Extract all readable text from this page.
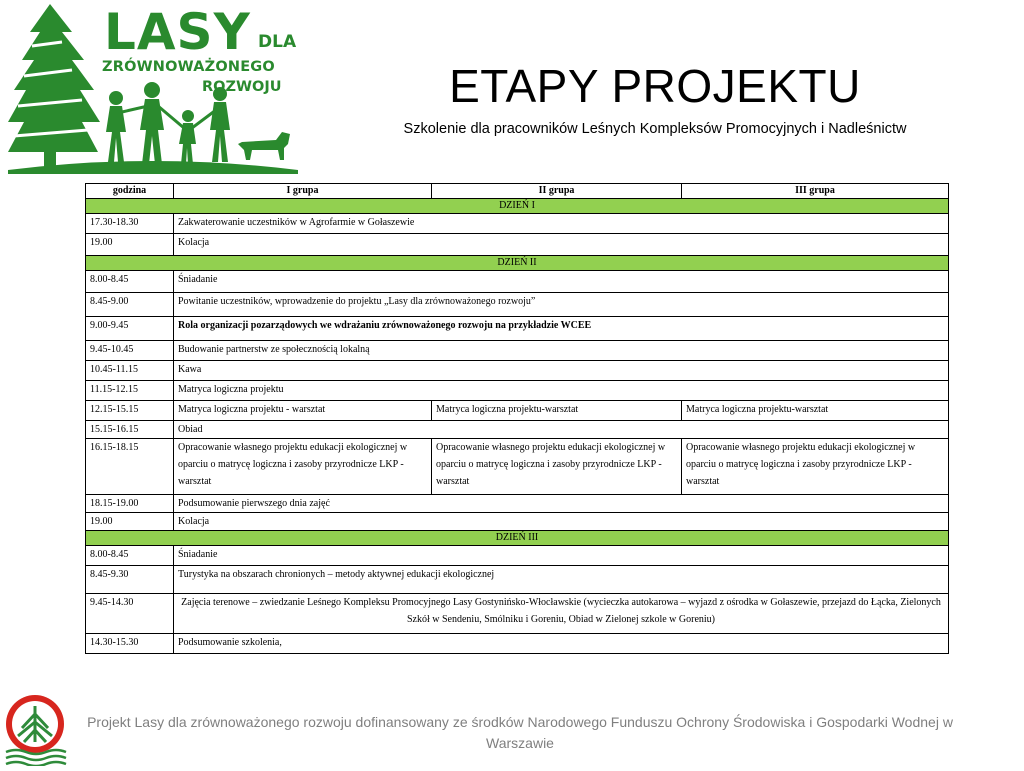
LASY DLA
ZRÓWNOWAŻONEGO
ROZWOJU	ETAPY PROJEKTU
Szkolenie dla pracowników Leśnych Kompleksów Promocyjnych i Nadleśnictw
godzina	I grupa	II grupa	III grupa
DZIEŃ I			
17.30-18.30	Zakwaterowanie uczestników w Agrofarmie w Gołaszewie		
19.00	Kolacja		
DZIEŃ II			
8.00-8.45	Śniadanie		
8.45-9.00	Powitanie uczestników, wprowadzenie do projektu „Lasy dla zrównoważonego rozwoju”		
9.00-9.45	Rola organizacji pozarządowych we wdrażaniu zrównoważonego rozwoju na przykładzie WCEE		
9.45-10.45	Budowanie partnerstw ze społecznością lokalną		
10.45-11.15	Kawa		
11.15-12.15	Matryca logiczna projektu		
12.15-15.15	Matryca logiczna projektu - warsztat	Matryca logiczna projektu-warsztat	Matryca logiczna projektu-warsztat
15.15-16.15	Obiad		
16.15-18.15	Opracowanie własnego projektu edukacji ekologicznej w oparciu o matrycę logiczna i zasoby przyrodnicze LKP -warsztat	Opracowanie własnego projektu edukacji ekologicznej w oparciu o matrycę logiczna i zasoby przyrodnicze LKP -warsztat	Opracowanie własnego projektu edukacji ekologicznej w oparciu o matrycę logiczna i zasoby przyrodnicze LKP -warsztat
18.15-19.00	Podsumowanie pierwszego dnia zajęć		
19.00	Kolacja		
DZIEŃ III			
8.00-8.45	Śniadanie		
8.45-9.30	Turystyka na obszarach chronionych – metody aktywnej edukacji ekologicznej		
9.45-14.30	Zajęcia terenowe – zwiedzanie Leśnego Kompleksu Promocyjnego Lasy Gostynińsko-Włocławskie (wycieczka autokarowa – wyjazd z ośrodka w Gołaszewie, przejazd do Łącka, Zielonych Szkół w Sendeniu, Smólniku i Goreniu, Obiad w Zielonej szkole w Goreniu)		
14.30-15.30	Podsumowanie szkolenia,		
Projekt Lasy dla zrównoważonego rozwoju dofinansowany ze środków Narodowego Funduszu Ochrony Środowiska i Gospodarki Wodnej w Warszawie
